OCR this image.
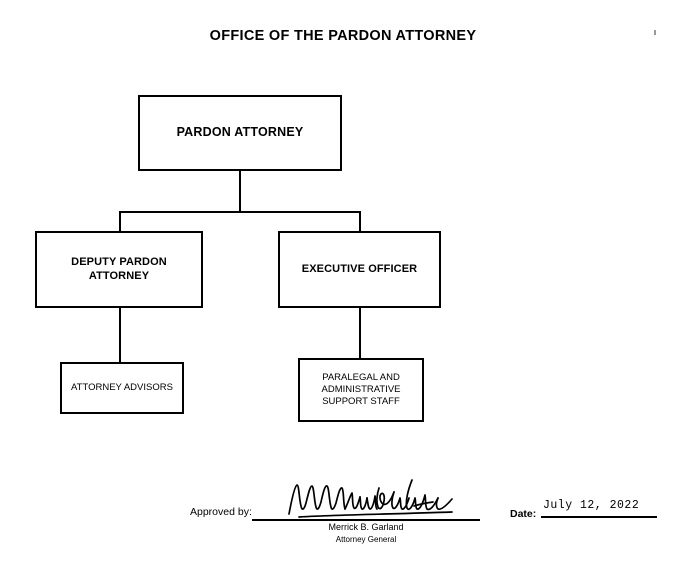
OFFICE OF THE PARDON ATTORNEY
PARDON ATTORNEY
DEPUTY PARDON ATTORNEY
EXECUTIVE OFFICER
ATTORNEY ADVISORS
PARALEGAL AND ADMINISTRATIVE SUPPORT STAFF
Approved by:
Merrick B. Garland
Attorney General
Date:
July 12, 2022
